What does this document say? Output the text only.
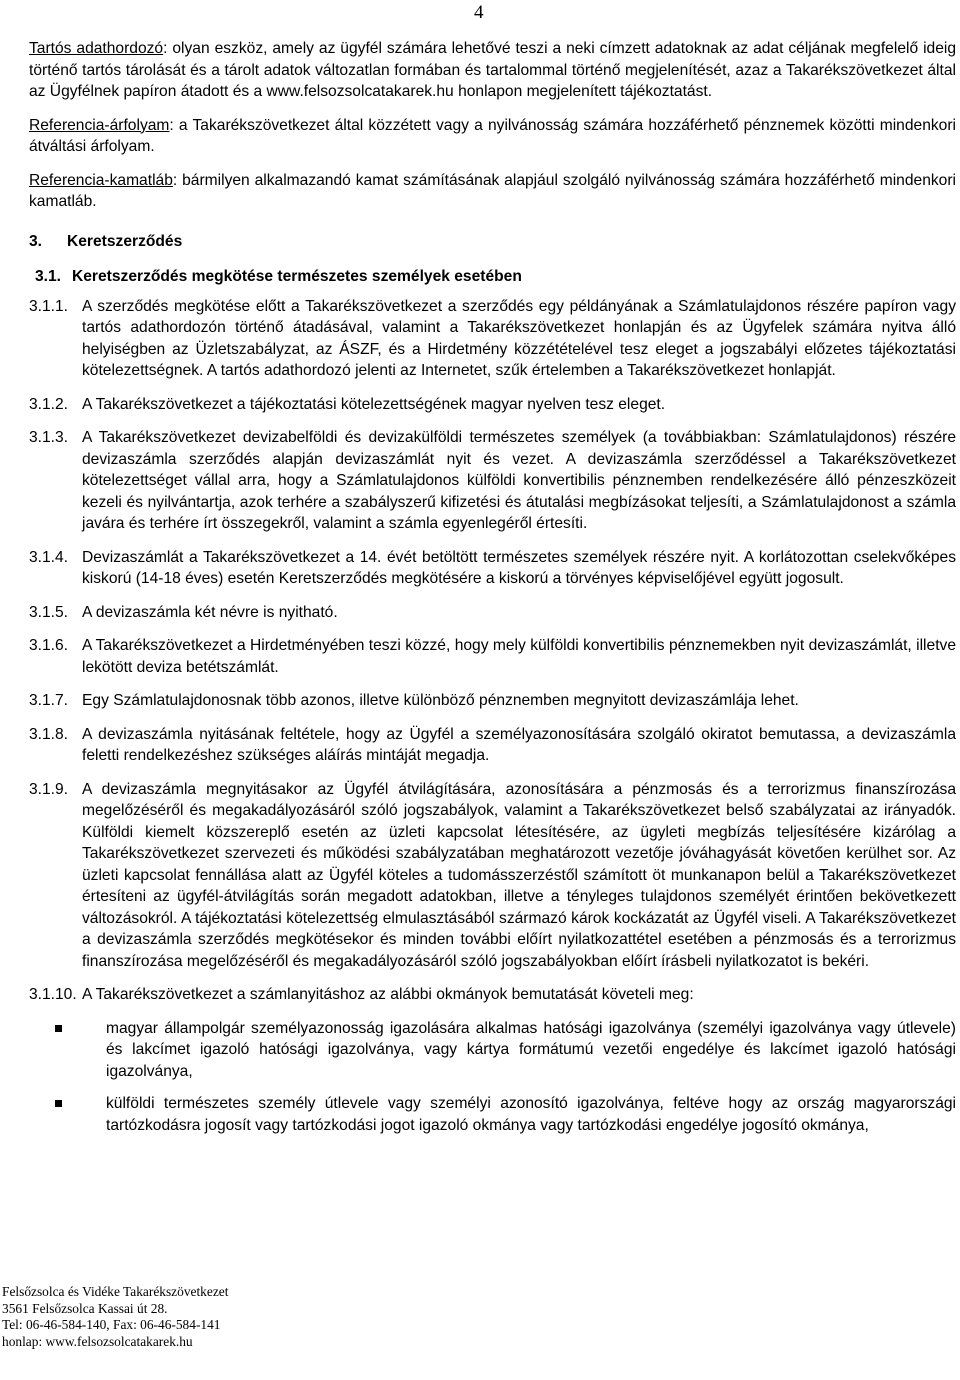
4

Tartós adathordozó: olyan eszköz, amely az ügyfél számára lehetővé teszi a neki címzett adatoknak az adat céljának megfelelő ideig történő tartós tárolását és a tárolt adatok változatlan formában és tartalommal történő megjelenítését, azaz a Takarékszövetkezet által az Ügyfélnek papíron átadott és a www.felsozsolcatakarek.hu honlapon megjelenített tájékoztatást.

Referencia-árfolyam: a Takarékszövetkezet által közzétett vagy a nyilvánosság számára hozzáférhető pénznemek közötti mindenkori átváltási árfolyam.

Referencia-kamatláb: bármilyen alkalmazandó kamat számításának alapjául szolgáló nyilvánosság számára hozzáférhető mindenkori kamatláb.

3.	Keretszerződés
3.1. Keretszerződés megkötése természetes személyek esetében
3.1.1. A szerződés megkötése előtt a Takarékszövetkezet a szerződés egy példányának a Számlatulajdonos részére papíron vagy tartós adathordozón történő átadásával, valamint a Takarékszövetkezet honlapján és az Ügyfelek számára nyitva álló helyiségben az Üzletszabályzat, az ÁSZF, és a Hirdetmény közzétételével tesz eleget a jogszabályi előzetes tájékoztatási kötelezettségnek. A tartós adathordozó jelenti az Internetet, szűk értelemben a Takarékszövetkezet honlapját.
3.1.2. A Takarékszövetkezet a tájékoztatási kötelezettségének magyar nyelven tesz eleget.
3.1.3. A Takarékszövetkezet devizabelföldi és devizakülföldi természetes személyek (a továbbiakban: Számlatulajdonos) részére devizaszámla szerződés alapján devizaszámlát nyit és vezet. A devizaszámla szerződéssel a Takarékszövetkezet kötelezettséget vállal arra, hogy a Számlatulajdonos külföldi konvertibilis pénznemben rendelkezésére álló pénzeszközeit kezeli és nyilvántartja, azok terhére a szabályszerű kifizetési és átutalási megbízásokat teljesíti, a Számlatulajdonost a számla javára és terhére írt összegekről, valamint a számla egyenlegéről értesíti.
3.1.4. Devizaszámlát a Takarékszövetkezet a 14. évét betöltött természetes személyek részére nyit. A korlátozottan cselekvőképes kiskorú (14-18 éves) esetén Keretszerződés megkötésére a kiskorú a törvényes képviselőjével együtt jogosult.
3.1.5. A devizaszámla két névre is nyitható.
3.1.6. A Takarékszövetkezet a Hirdetményében teszi közzé, hogy mely külföldi konvertibilis pénznemekben nyit devizaszámlát, illetve lekötött deviza betétszámlát.
3.1.7. Egy Számlatulajdonosnak több azonos, illetve különböző pénznemben megnyitott devizaszámlája lehet.
3.1.8. A devizaszámla nyitásának feltétele, hogy az Ügyfél a személyazonosítására szolgáló okiratot bemutassa, a devizaszámla feletti rendelkezéshez szükséges aláírás mintáját megadja.
3.1.9. A devizaszámla megnyitásakor az Ügyfél átvilágítására, azonosítására a pénzmosás és a terrorizmus finanszírozása megelőzéséről és megakadályozásáról szóló jogszabályok, valamint a Takarékszövetkezet belső szabályzatai az irányadók. Külföldi kiemelt közszereplő esetén az üzleti kapcsolat létesítésére, az ügyleti megbízás teljesítésére kizárólag a Takarékszövetkezet szervezeti és működési szabályzatában meghatározott vezetője jóváhagyását követően kerülhet sor. Az üzleti kapcsolat fennállása alatt az Ügyfél köteles a tudomásszerzéstől számított öt munkanapon belül a Takarékszövetkezet értesíteni az ügyfél-átvilágítás során megadott adatokban, illetve a tényleges tulajdonos személyét érintően bekövetkezett változásokról. A tájékoztatási kötelezettség elmulasztásából származó károk kockázatát az Ügyfél viseli. A Takarékszövetkezet a devizaszámla szerződés megkötésekor és minden további előírt nyilatkozattétel esetében a pénzmosás és a terrorizmus finanszírozása megelőzéséről és megakadályozásáról szóló jogszabályokban előírt írásbeli nyilatkozatot is bekéri.
3.1.10. A Takarékszövetkezet a számlanyitáshoz az alábbi okmányok bemutatását követeli meg:
magyar állampolgár személyazonosság igazolására alkalmas hatósági igazolványa (személyi igazolványa vagy útlevele) és lakcímet igazoló hatósági igazolványa, vagy kártya formátumú vezetői engedélye és lakcímet igazoló hatósági igazolványa,
külföldi természetes személy útlevele vagy személyi azonosító igazolványa, feltéve hogy az ország magyarországi tartózkodásra jogosít vagy tartózkodási jogot igazoló okmánya vagy tartózkodási engedélye jogosító okmánya,
Felsőzsolca és Vidéke Takarékszövetkezet
3561 Felsőzsolca Kassai út 28.
Tel: 06-46-584-140, Fax: 06-46-584-141
honlap: www.felsozsolcatakarek.hu
